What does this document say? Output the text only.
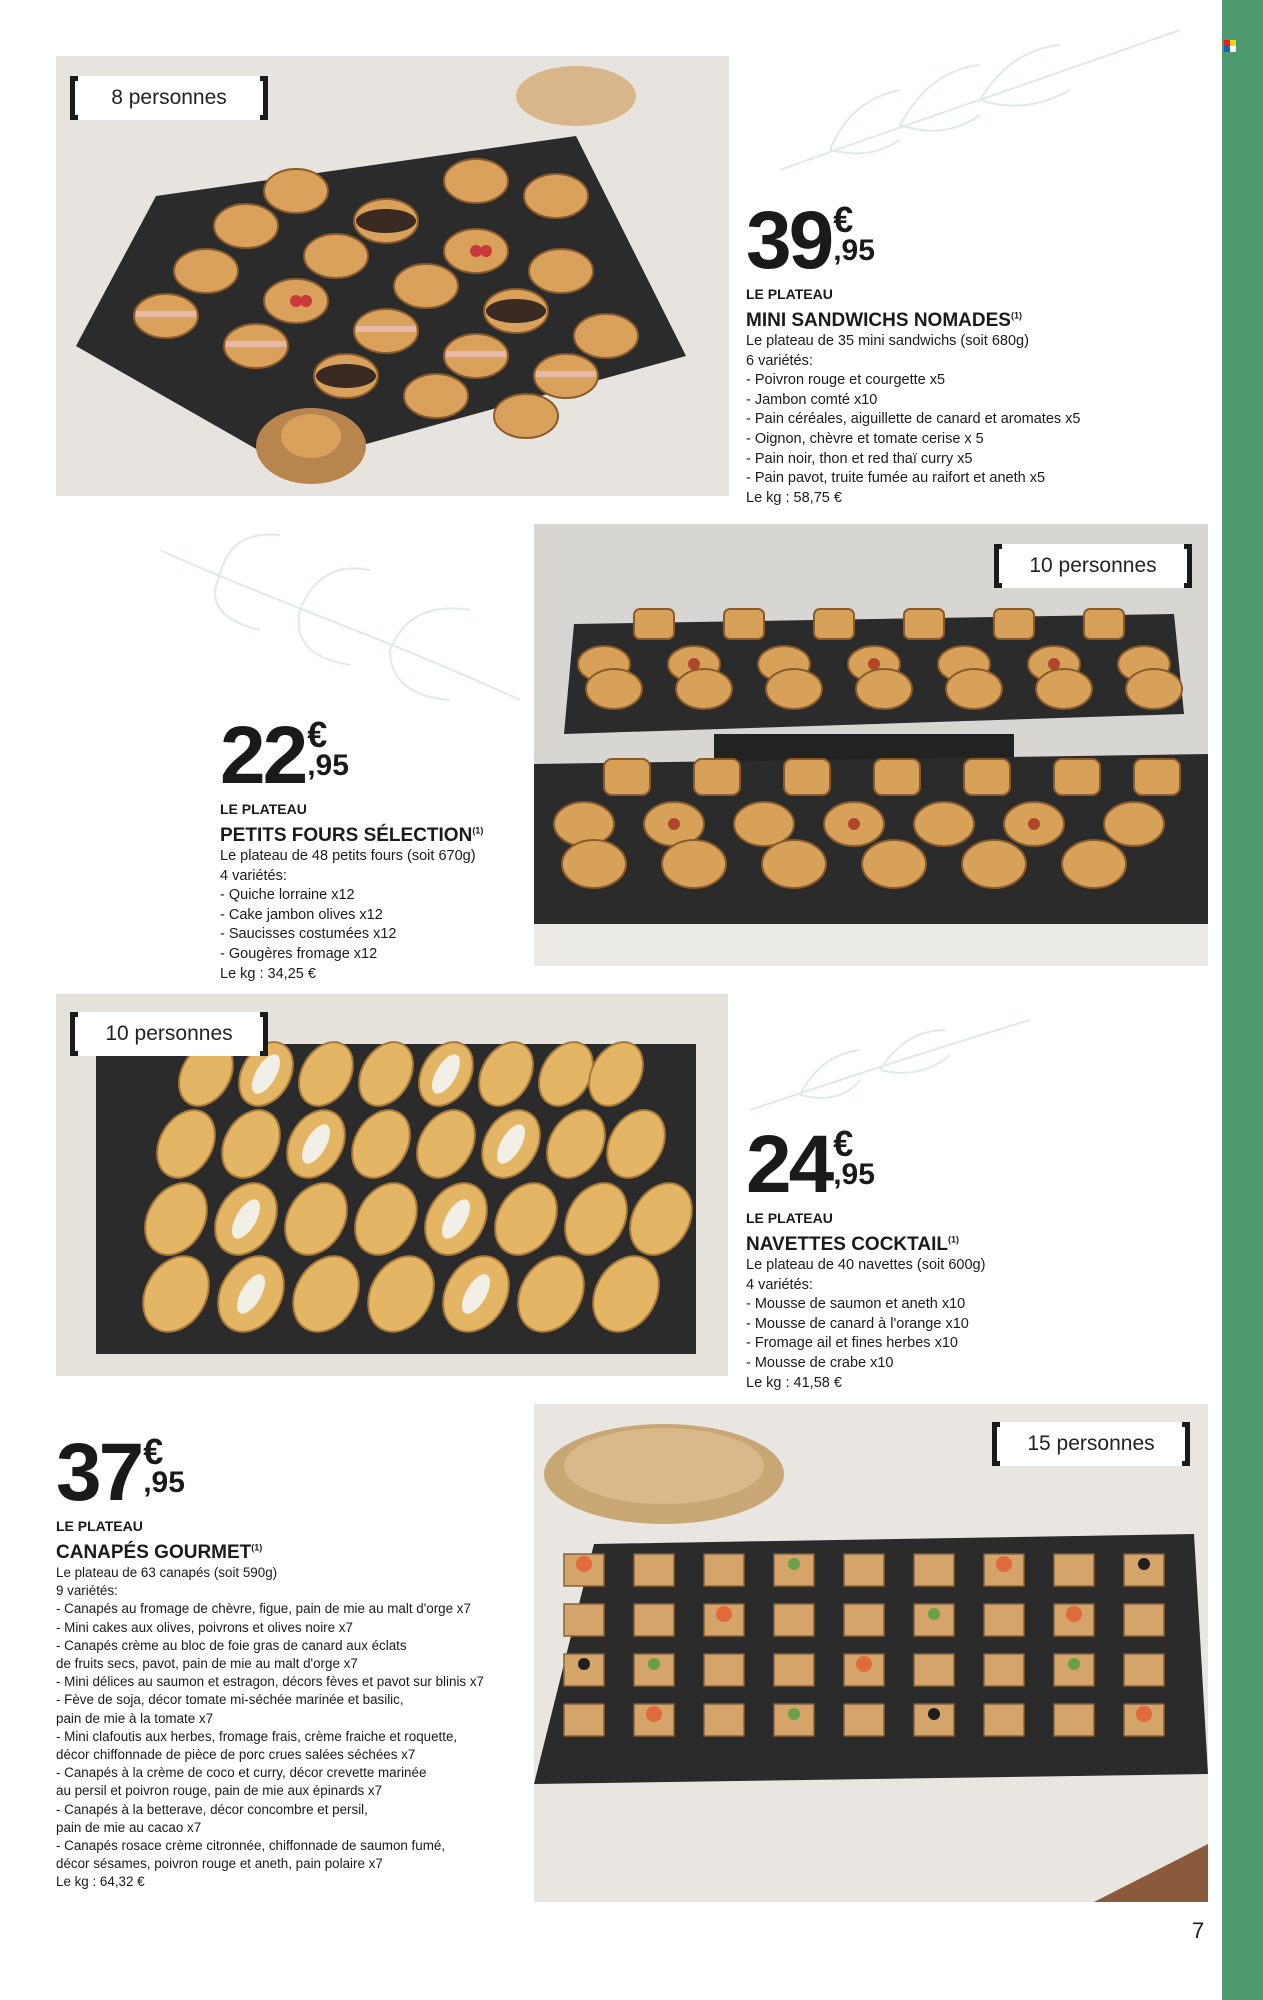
8 personnes
39 €
,95
LE PLATEAU
MINI SANDWICHS NOMADES$^{(1)}$
Le plateau de 35 mini sandwichs (soit 680g)
6 variétés:
- Poivron rouge et courgette x5
- Jambon comté x10
- Pain céréales, aiguillette de canard et aromates x5
- Oignon, chèvre et tomate cerise x 5
- Pain noir, thon et red thaï curry x5
- Pain pavot, truite fumée au raifort et aneth x5
Le kg : 58,75 €
10 personnes
22 €
,95
LE PLATEAU
PETITS FOURS SÉLECTION$^{(1)}$
Le plateau de 48 petits fours (soit 670g)
4 variétés:
- Quiche lorraine x12
- Cake jambon olives x12
- Saucisses costumées x12
- Gougères fromage x12
Le kg : 34,25 €
10 personnes
24 €
,95
LE PLATEAU
NAVETTES COCKTAIL$^{(1)}$
Le plateau de 40 navettes (soit 600g)
4 variétés:
- Mousse de saumon et aneth x10
- Mousse de canard à l'orange x10
- Fromage ail et fines herbes x10
- Mousse de crabe x10
Le kg : 41,58 €
15 personnes
37 €
,95
LE PLATEAU
CANAPÉS GOURMET$^{(1)}$
Le plateau de 63 canapés (soit 590g)
9 variétés:
- Canapés au fromage de chèvre, figue, pain de mie au malt d'orge x7
- Mini cakes aux olives, poivrons et olives noire x7
- Canapés crème au bloc de foie gras de canard aux éclats
de fruits secs, pavot, pain de mie au malt d'orge x7
- Mini délices au saumon et estragon, décors fèves et pavot sur blinis x7
- Fève de soja, décor tomate mi-séchée marinée et basilic,
pain de mie à la tomate x7
- Mini clafoutis aux herbes, fromage frais, crème fraiche et roquette,
décor chiffonnade de pièce de porc crues salées séchées x7
- Canapés à la crème de coco et curry, décor crevette marinée
au persil et poivron rouge, pain de mie aux épinards x7
- Canapés à la betterave, décor concombre et persil,
pain de mie au cacao x7
- Canapés rosace crème citronnée, chiffonnade de saumon fumé,
décor sésames, poivron rouge et aneth, pain polaire x7
Le kg : 64,32 €
7
